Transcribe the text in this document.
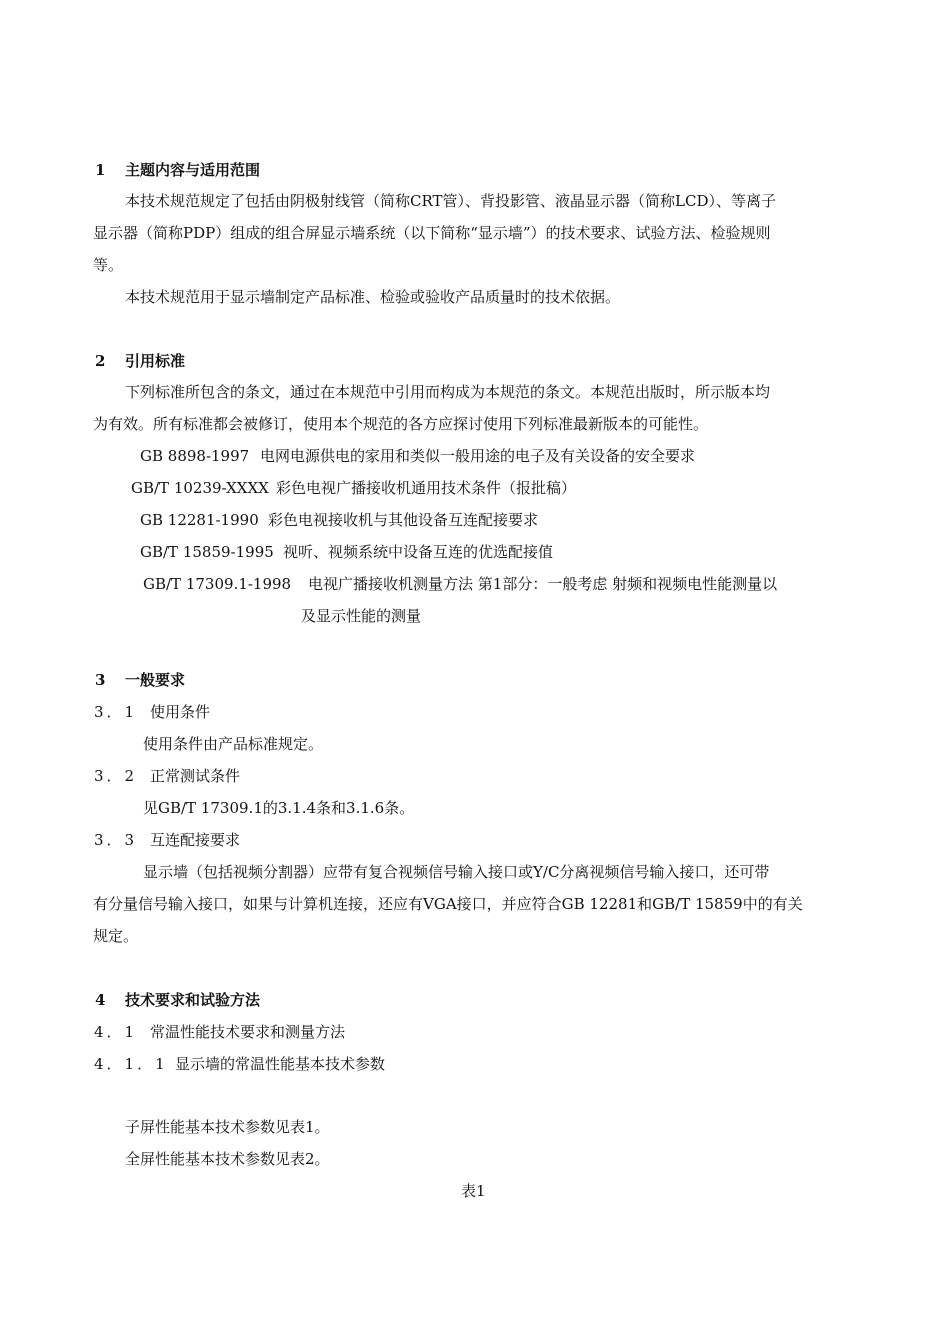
1 主题内容与适用范围
本技术规范规定了包括由阴极射线管（简称CRT管）、背投影管、液晶显示器（简称LCD）、等离子
显示器（简称PDP）组成的组合屏显示墙系统（以下简称“显示墙”）的技术要求、试验方法、检验规则
等。
本技术规范用于显示墙制定产品标准、检验或验收产品质量时的技术依据。
2 引用标准
下列标准所包含的条文，通过在本规范中引用而构成为本规范的条文。本规范出版时，所示版本均
为有效。所有标准都会被修订，使用本个规范的各方应探讨使用下列标准最新版本的可能性。
GB 8898-1997 电网电源供电的家用和类似一般用途的电子及有关设备的安全要求
GB/T 10239-XXXX 彩色电视广播接收机通用技术条件（报批稿）
GB 12281-1990 彩色电视接收机与其他设备互连配接要求
GB/T 15859-1995 视听、视频系统中设备互连的优选配接值
GB/T 17309.1-1998 电视广播接收机测量方法 第1部分：一般考虑 射频和视频电性能测量以
及显示性能的测量
3 一般要求
3．1 使用条件
使用条件由产品标准规定。
3．2 正常测试条件
见GB/T 17309.1的3.1.4条和3.1.6条。
3．3 互连配接要求
显示墙（包括视频分割器）应带有复合视频信号输入接口或Y/C分离视频信号输入接口，还可带
有分量信号输入接口，如果与计算机连接，还应有VGA接口，并应符合GB 12281和GB/T 15859中的有关
规定。
4 技术要求和试验方法
4．1 常温性能技术要求和测量方法
4．1．1 显示墙的常温性能基本技术参数
子屏性能基本技术参数见表1。
全屏性能基本技术参数见表2。
表1
